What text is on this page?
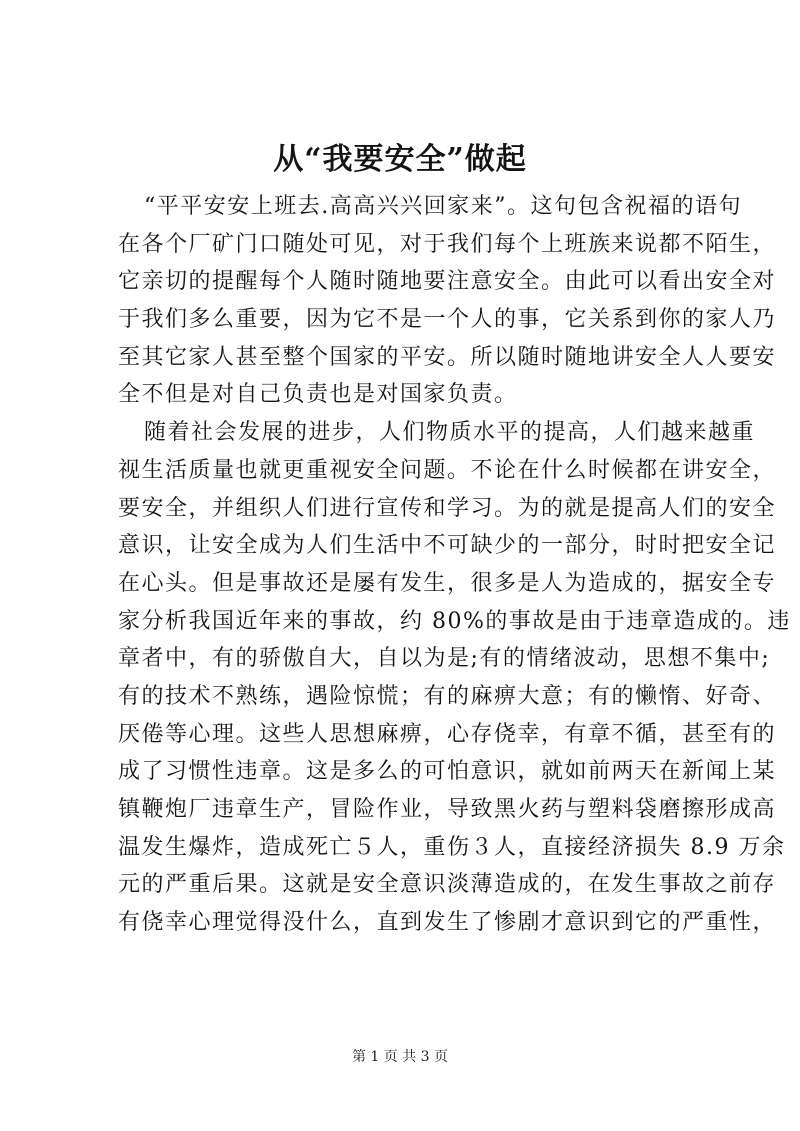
从“我要安全”做起
“平平安安上班去.高高兴兴回家来”。这句包含祝福的语句
在各个厂矿门口随处可见，对于我们每个上班族来说都不陌生，
它亲切的提醒每个人随时随地要注意安全。由此可以看出安全对
于我们多么重要，因为它不是一个人的事，它关系到你的家人乃
至其它家人甚至整个国家的平安。所以随时随地讲安全人人要安
全不但是对自己负责也是对国家负责。
随着社会发展的进步，人们物质水平的提高，人们越来越重
视生活质量也就更重视安全问题。不论在什么时候都在讲安全，
要安全，并组织人们进行宣传和学习。为的就是提高人们的安全
意识，让安全成为人们生活中不可缺少的一部分，时时把安全记
在心头。但是事故还是屡有发生，很多是人为造成的，据安全专
家分析我国近年来的事故，约 80%的事故是由于违章造成的。违
章者中，有的骄傲自大，自以为是;有的情绪波动，思想不集中;
有的技术不熟练，遇险惊慌；有的麻痹大意；有的懒惰、好奇、
厌倦等心理。这些人思想麻痹，心存侥幸，有章不循，甚至有的
成了习惯性违章。这是多么的可怕意识，就如前两天在新闻上某
镇鞭炮厂违章生产，冒险作业，导致黑火药与塑料袋磨擦形成高
温发生爆炸，造成死亡５人，重伤３人，直接经济损失 8.9 万余
元的严重后果。这就是安全意识淡薄造成的，在发生事故之前存
有侥幸心理觉得没什么，直到发生了惨剧才意识到它的严重性，
第 1 页 共 3 页
